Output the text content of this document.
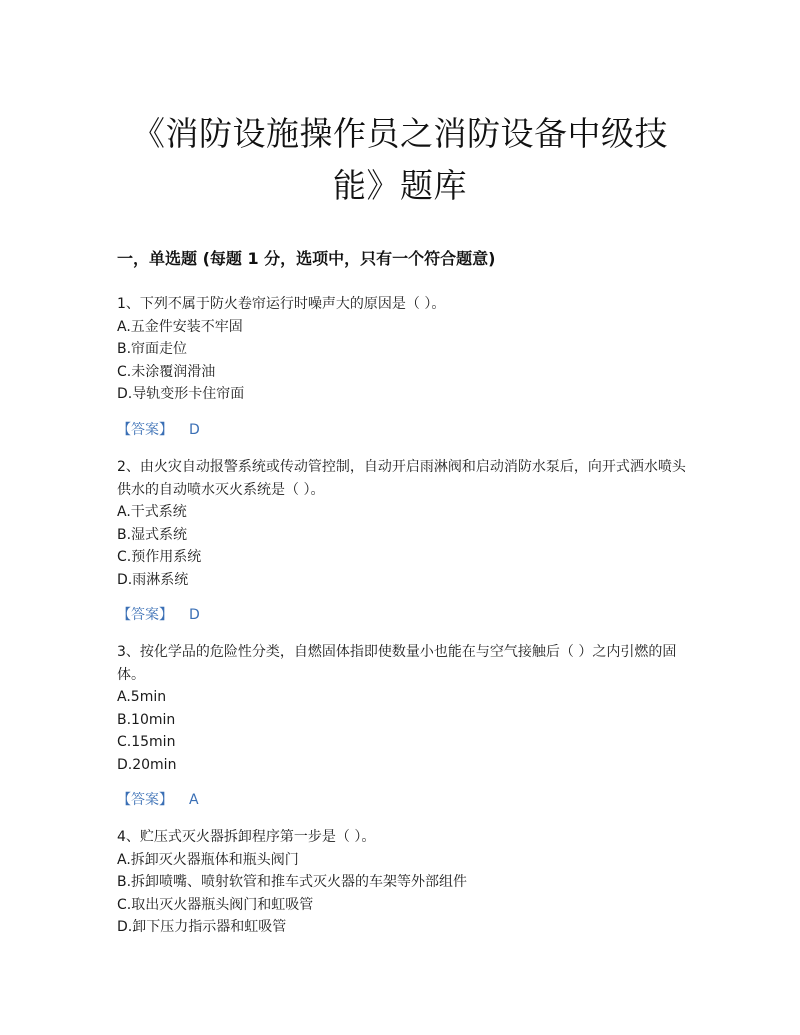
《消防设施操作员之消防设备中级技
能》题库
一，单选题 (每题 1 分，选项中，只有一个符合题意)

1、下列不属于防火卷帘运行时噪声大的原因是（ ）。

A.五金件安装不牢固

B.帘面走位

C.未涂覆润滑油

D.导轨变形卡住帘面

【答案】 D

2、由火灾自动报警系统或传动管控制，自动开启雨淋阀和启动消防水泵后，向开式洒水喷头供水的自动喷水灭火系统是（ ）。

A.干式系统

B.湿式系统

C.预作用系统

D.雨淋系统

【答案】 D

3、按化学品的危险性分类，自燃固体指即使数量小也能在与空气接触后（ ）之内引燃的固体。

A.5min

B.10min

C.15min

D.20min

【答案】 A

4、贮压式灭火器拆卸程序第一步是（ ）。

A.拆卸灭火器瓶体和瓶头阀门

B.拆卸喷嘴、喷射软管和推车式灭火器的车架等外部组件

C.取出灭火器瓶头阀门和虹吸管

D.卸下压力指示器和虹吸管
